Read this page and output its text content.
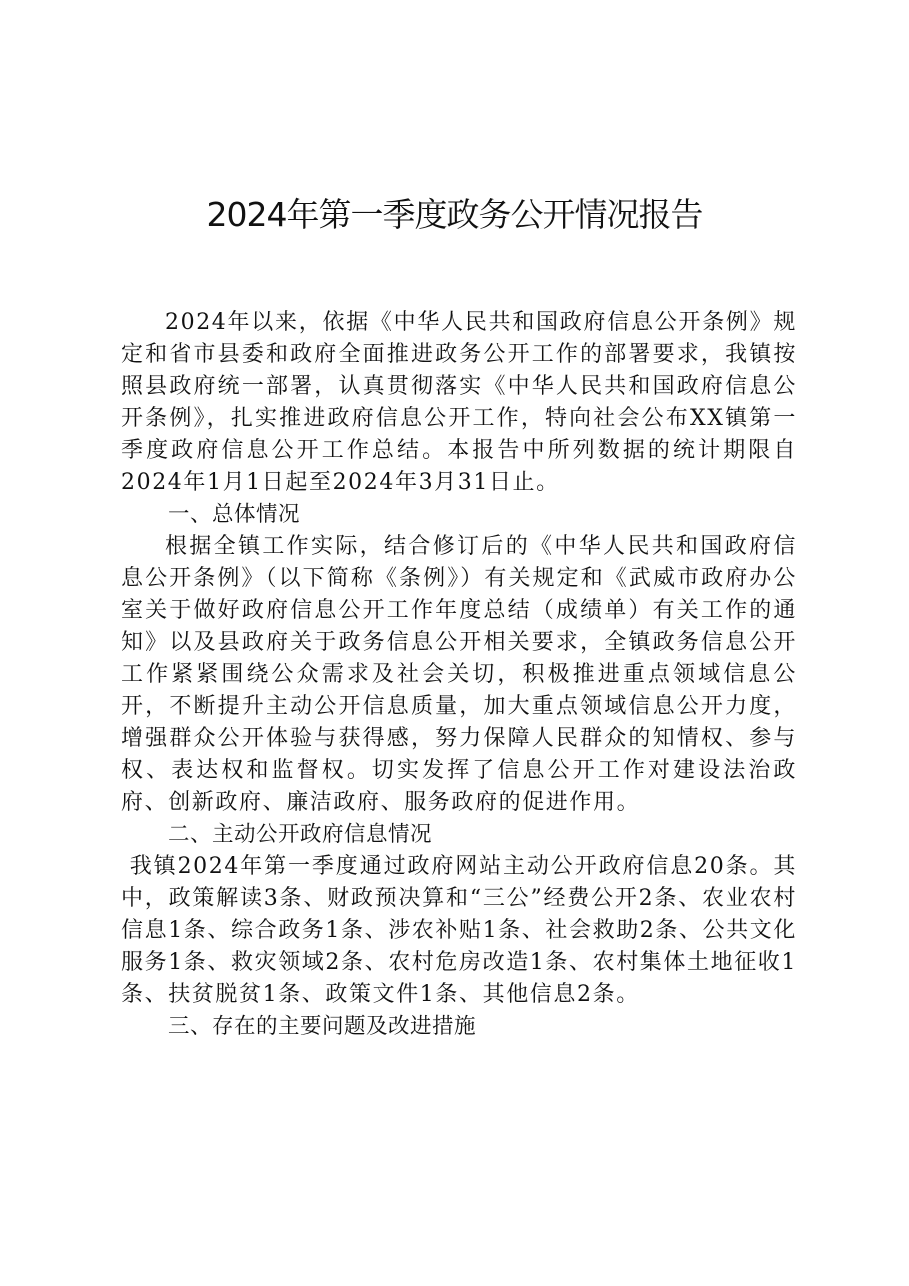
2024年第一季度政务公开情况报告

2024年以来，依据《中华人民共和国政府信息公开条例》规定和省市县委和政府全面推进政务公开工作的部署要求，我镇按照县政府统一部署，认真贯彻落实《中华人民共和国政府信息公开条例》，扎实推进政府信息公开工作，特向社会公布XX镇第一季度政府信息公开工作总结。本报告中所列数据的统计期限自2024年1月1日起至2024年3月31日止。

一、总体情况

根据全镇工作实际，结合修订后的《中华人民共和国政府信息公开条例》（以下简称《条例》）有关规定和《武威市政府办公室关于做好政府信息公开工作年度总结（成绩单）有关工作的通知》以及县政府关于政务信息公开相关要求，全镇政务信息公开工作紧紧围绕公众需求及社会关切，积极推进重点领域信息公开，不断提升主动公开信息质量，加大重点领域信息公开力度，增强群众公开体验与获得感，努力保障人民群众的知情权、参与权、表达权和监督权。切实发挥了信息公开工作对建设法治政府、创新政府、廉洁政府、服务政府的促进作用。

二、主动公开政府信息情况

我镇2024年第一季度通过政府网站主动公开政府信息20条。其中，政策解读3条、财政预决算和“三公”经费公开2条、农业农村信息1条、综合政务1条、涉农补贴1条、社会救助2条、公共文化服务1条、救灾领域2条、农村危房改造1条、农村集体土地征收1条、扶贫脱贫1条、政策文件1条、其他信息2条。

三、存在的主要问题及改进措施
